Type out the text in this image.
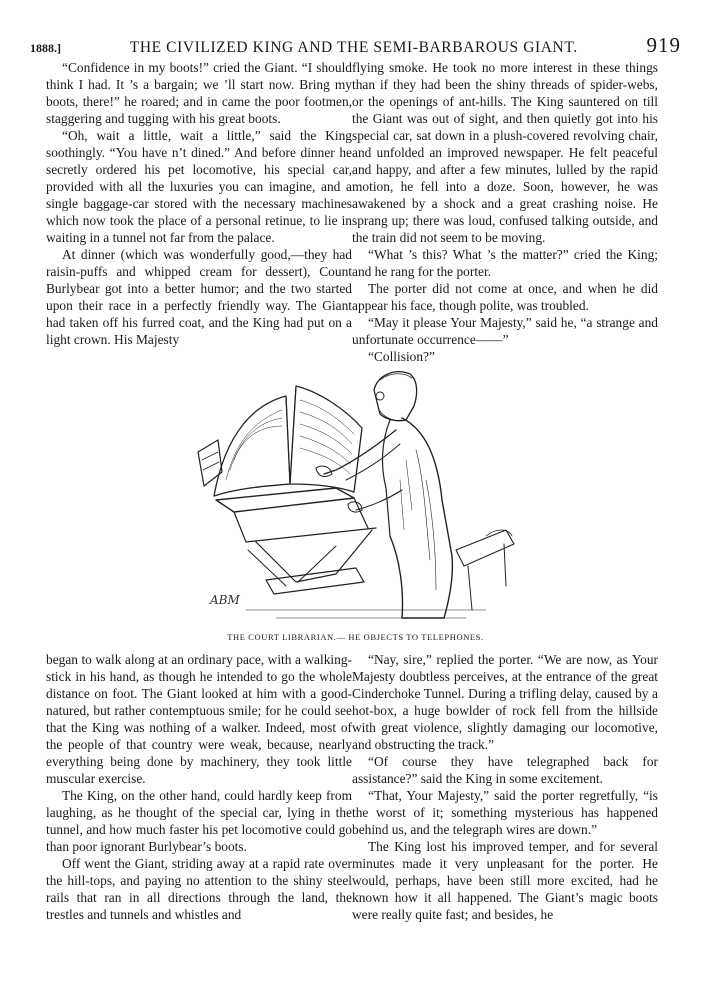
1888.]	THE CIVILIZED KING AND THE SEMI-BARBAROUS GIANT.	919

“Confidence in my boots!” cried the Giant. “I should think I had. It ’s a bargain; we ’ll start now. Bring my boots, there!” he roared; and in came the poor footmen, staggering and tugging with his great boots.

“Oh, wait a little, wait a little,” said the King soothingly. “You have n’t dined.” And before dinner he secretly ordered his pet locomotive, his special car, provided with all the luxuries you can imagine, and a single baggage-car stored with the necessary machines which now took the place of a personal retinue, to lie in waiting in a tunnel not far from the palace.

At dinner (which was wonderfully good,—they had raisin-puffs and whipped cream for dessert), Count Burlybear got into a better humor; and the two started upon their race in a perfectly friendly way. The Giant had taken off his furred coat, and the King had put on a light crown. His Majesty

flying smoke. He took no more interest in these things than if they had been the shiny threads of spider-webs, or the openings of ant-hills. The King sauntered on till the Giant was out of sight, and then quietly got into his special car, sat down in a plush-covered revolving chair, and unfolded an improved newspaper. He felt peaceful and happy, and after a few minutes, lulled by the rapid motion, he fell into a doze. Soon, however, he was awakened by a shock and a great crashing noise. He sprang up; there was loud, confused talking outside, and the train did not seem to be moving.

“What ’s this? What ’s the matter?” cried the King; and he rang for the porter.

The porter did not come at once, and when he did appear his face, though polite, was troubled.

“May it please Your Majesty,” said he, “a strange and unfortunate occurrence——”

“Collision?”

ABM
THE COURT LIBRARIAN.— HE OBJECTS TO TELEPHONES.

began to walk along at an ordinary pace, with a walking-stick in his hand, as though he intended to go the whole distance on foot. The Giant looked at him with a good-natured, but rather contemptuous smile; for he could see that the King was nothing of a walker. Indeed, most of the people of that country were weak, because, nearly everything being done by machinery, they took little muscular exercise.

The King, on the other hand, could hardly keep from laughing, as he thought of the special car, lying in the tunnel, and how much faster his pet locomotive could go than poor ignorant Burlybear’s boots.

Off went the Giant, striding away at a rapid rate over the hill-tops, and paying no attention to the shiny steel rails that ran in all directions through the land, the trestles and tunnels and whistles and

“Nay, sire,” replied the porter. “We are now, as Your Majesty doubtless perceives, at the entrance of the great Cinderchoke Tunnel. During a trifling delay, caused by a hot-box, a huge bowlder of rock fell from the hillside with great violence, slightly damaging our locomotive, and obstructing the track.”

“Of course they have telegraphed back for assistance?” said the King in some excitement.

“That, Your Majesty,” said the porter regretfully, “is the worst of it; something mysterious has happened behind us, and the telegraph wires are down.”

The King lost his improved temper, and for several minutes made it very unpleasant for the porter. He would, perhaps, have been still more excited, had he known how it all happened. The Giant’s magic boots were really quite fast; and besides, he
